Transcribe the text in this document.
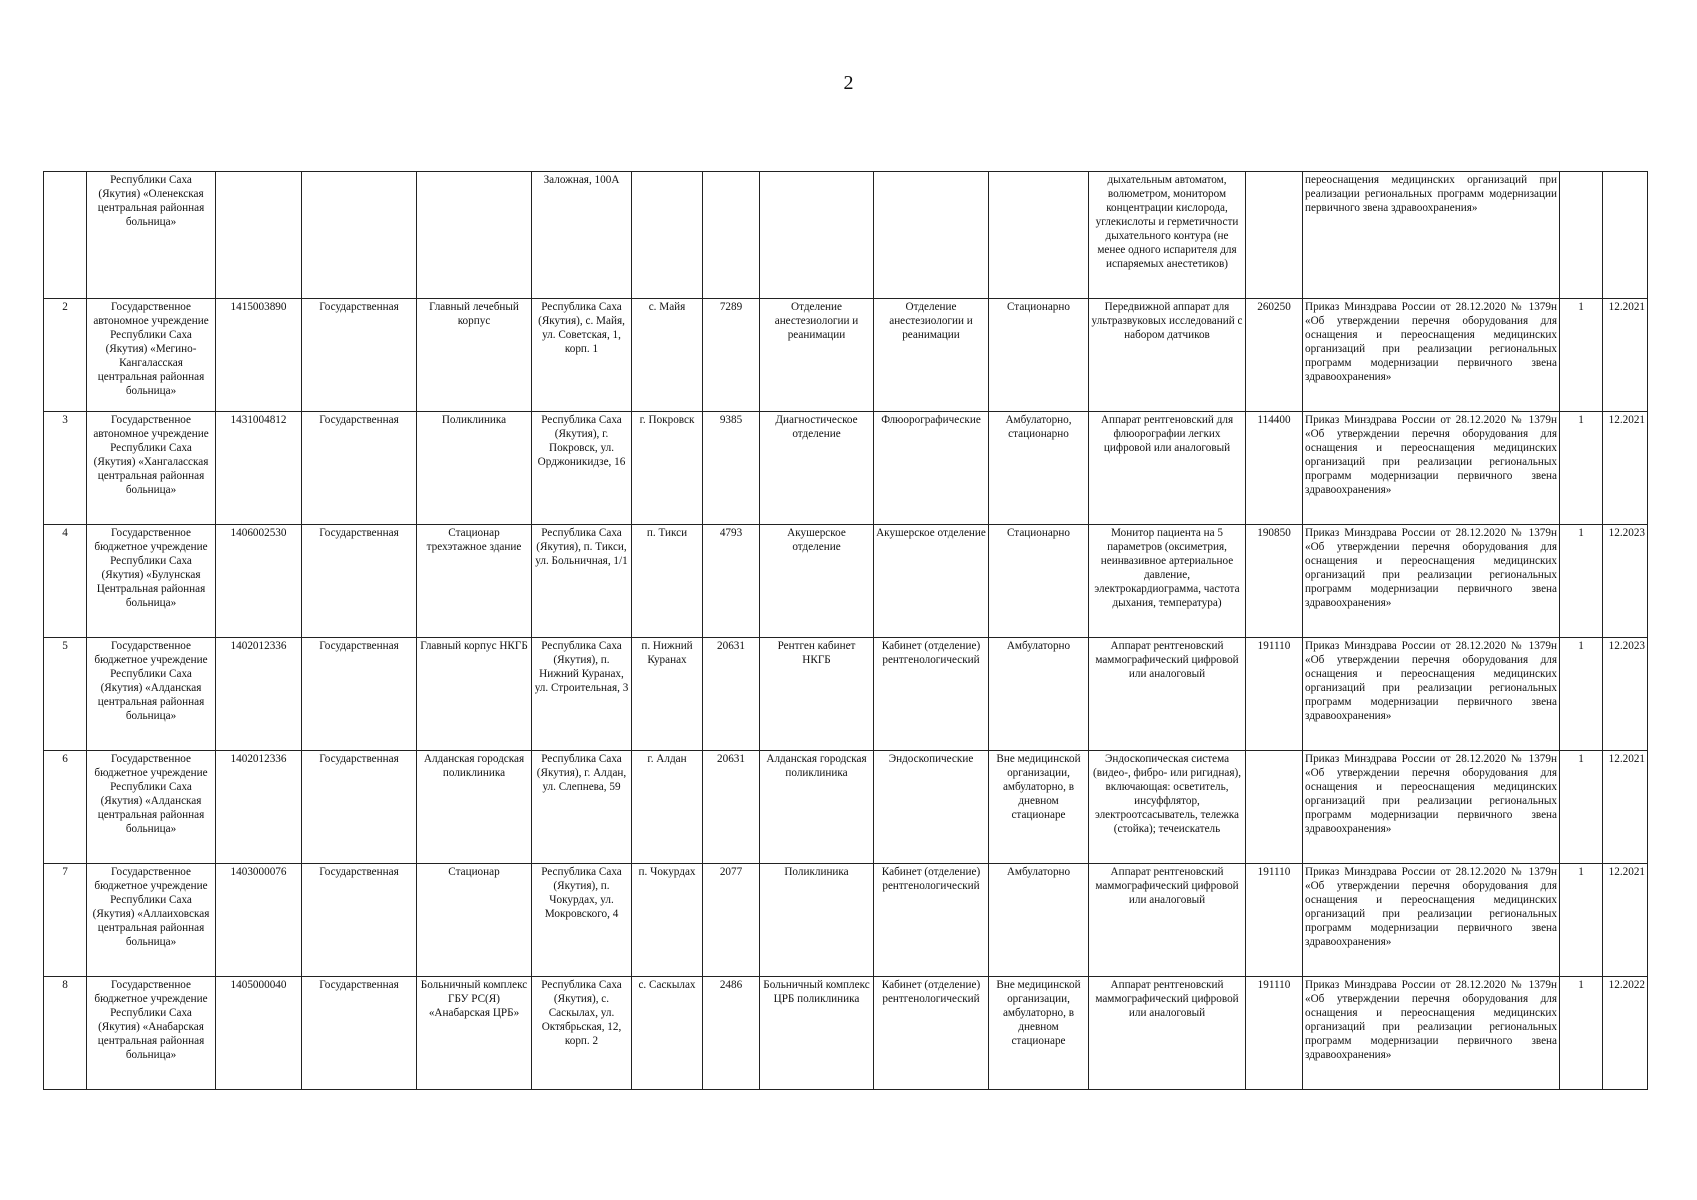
2
	Республики Саха (Якутия) «Оленекская центральная районная больница»				Заложная, 100А						дыхательным автоматом, волюметром, монитором концентрации кислорода, углекислоты и герметичности дыхательного контура (не менее одного испарителя для испаряемых анестетиков)		переоснащения медицинских организаций при реализации региональных программ модернизации первичного звена здравоохранения»		
2	Государственное автономное учреждение Республики Саха (Якутия) «Мегино-Кангаласская центральная районная больница»	1415003890	Государственная	Главный лечебный корпус	Республика Саха (Якутия), с. Майя, ул. Советская, 1, корп. 1	с. Майя	7289	Отделение анестезиологии и реанимации	Отделение анестезиологии и реанимации	Стационарно	Передвижной аппарат для ультразвуковых исследований с набором датчиков	260250	Приказ Минздрава России от 28.12.2020 № 1379н «Об утверждении перечня оборудования для оснащения и переоснащения медицинских организаций при реализации региональных программ модернизации первичного звена здравоохранения»	1	12.2021
3	Государственное автономное учреждение Республики Саха (Якутия) «Хангаласская центральная районная больница»	1431004812	Государственная	Поликлиника	Республика Саха (Якутия), г. Покровск, ул. Орджоникидзе, 16	г. Покровск	9385	Диагностическое отделение	Флюорографические	Амбулаторно, стационарно	Аппарат рентгеновский для флюорографии легких цифровой или аналоговый	114400	Приказ Минздрава России от 28.12.2020 № 1379н «Об утверждении перечня оборудования для оснащения и переоснащения медицинских организаций при реализации региональных программ модернизации первичного звена здравоохранения»	1	12.2021
4	Государственное бюджетное учреждение Республики Саха (Якутия) «Булунская Центральная районная больница»	1406002530	Государственная	Стационар трехэтажное здание	Республика Саха (Якутия), п. Тикси, ул. Больничная, 1/1	п. Тикси	4793	Акушерское отделение	Акушерское отделение	Стационарно	Монитор пациента на 5 параметров (оксиметрия, неинвазивное артериальное давление, электрокардиограмма, частота дыхания, температура)	190850	Приказ Минздрава России от 28.12.2020 № 1379н «Об утверждении перечня оборудования для оснащения и переоснащения медицинских организаций при реализации региональных программ модернизации первичного звена здравоохранения»	1	12.2023
5	Государственное бюджетное учреждение Республики Саха (Якутия) «Алданская центральная районная больница»	1402012336	Государственная	Главный корпус НКГБ	Республика Саха (Якутия), п. Нижний Куранах, ул. Строительная, 3	п. Нижний Куранах	20631	Рентген кабинет НКГБ	Кабинет (отделение) рентгенологический	Амбулаторно	Аппарат рентгеновский маммографический цифровой или аналоговый	191110	Приказ Минздрава России от 28.12.2020 № 1379н «Об утверждении перечня оборудования для оснащения и переоснащения медицинских организаций при реализации региональных программ модернизации первичного звена здравоохранения»	1	12.2023
6	Государственное бюджетное учреждение Республики Саха (Якутия) «Алданская центральная районная больница»	1402012336	Государственная	Алданская городская поликлиника	Республика Саха (Якутия), г. Алдан, ул. Слепнева, 59	г. Алдан	20631	Алданская городская поликлиника	Эндоскопические	Вне медицинской организации, амбулаторно, в дневном стационаре	Эндоскопическая система (видео-, фибро- или ригидная), включающая: осветитель, инсуффлятор, электроотсасыватель, тележка (стойка); течеискатель		Приказ Минздрава России от 28.12.2020 № 1379н «Об утверждении перечня оборудования для оснащения и переоснащения медицинских организаций при реализации региональных программ модернизации первичного звена здравоохранения»	1	12.2021
7	Государственное бюджетное учреждение Республики Саха (Якутия) «Аллаиховская центральная районная больница»	1403000076	Государственная	Стационар	Республика Саха (Якутия), п. Чокурдах, ул. Мокровского, 4	п. Чокурдах	2077	Поликлиника	Кабинет (отделение) рентгенологический	Амбулаторно	Аппарат рентгеновский маммографический цифровой или аналоговый	191110	Приказ Минздрава России от 28.12.2020 № 1379н «Об утверждении перечня оборудования для оснащения и переоснащения медицинских организаций при реализации региональных программ модернизации первичного звена здравоохранения»	1	12.2021
8	Государственное бюджетное учреждение Республики Саха (Якутия) «Анабарская центральная районная больница»	1405000040	Государственная	Больничный комплекс ГБУ РС(Я) «Анабарская ЦРБ»	Республика Саха (Якутия), с. Саскылах, ул. Октябрьская, 12, корп. 2	с. Саскылах	2486	Больничный комплекс ЦРБ поликлиника	Кабинет (отделение) рентгенологический	Вне медицинской организации, амбулаторно, в дневном стационаре	Аппарат рентгеновский маммографический цифровой или аналоговый	191110	Приказ Минздрава России от 28.12.2020 № 1379н «Об утверждении перечня оборудования для оснащения и переоснащения медицинских организаций при реализации региональных программ модернизации первичного звена здравоохранения»	1	12.2022
